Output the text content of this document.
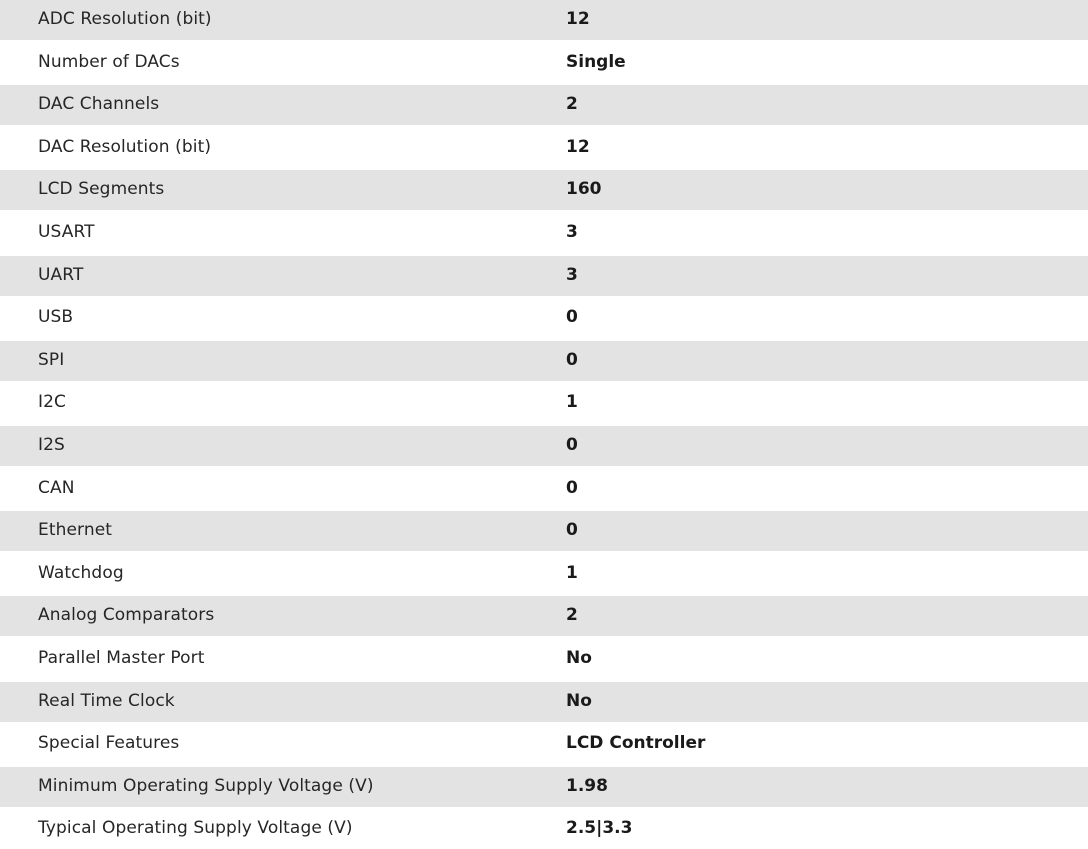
ADC Resolution (bit)	12
Number of DACs	Single
DAC Channels	2
DAC Resolution (bit)	12
LCD Segments	160
USART	3
UART	3
USB	0
SPI	0
I2C	1
I2S	0
CAN	0
Ethernet	0
Watchdog	1
Analog Comparators	2
Parallel Master Port	No
Real Time Clock	No
Special Features	LCD Controller
Minimum Operating Supply Voltage (V)	1.98
Typical Operating Supply Voltage (V)	2.5|3.3
